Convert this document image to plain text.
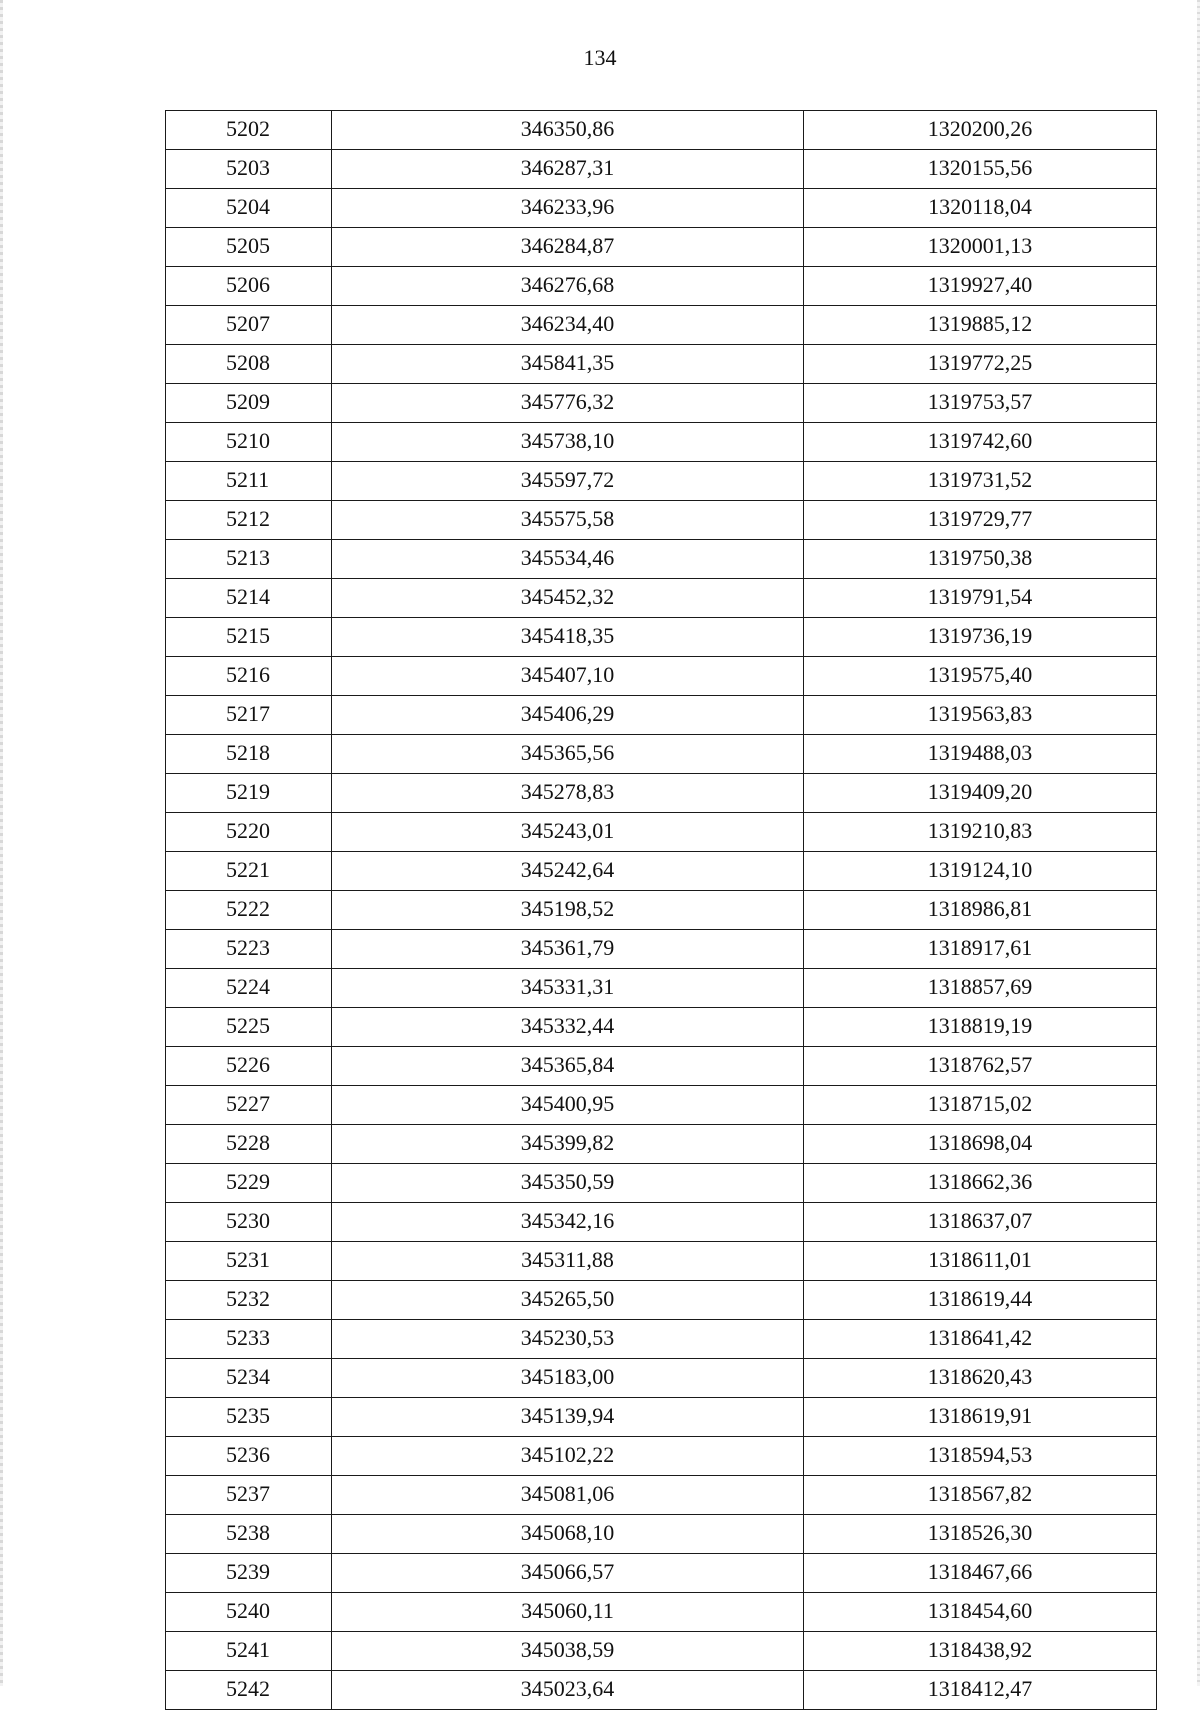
134
5202	346350,86	1320200,26
5203	346287,31	1320155,56
5204	346233,96	1320118,04
5205	346284,87	1320001,13
5206	346276,68	1319927,40
5207	346234,40	1319885,12
5208	345841,35	1319772,25
5209	345776,32	1319753,57
5210	345738,10	1319742,60
5211	345597,72	1319731,52
5212	345575,58	1319729,77
5213	345534,46	1319750,38
5214	345452,32	1319791,54
5215	345418,35	1319736,19
5216	345407,10	1319575,40
5217	345406,29	1319563,83
5218	345365,56	1319488,03
5219	345278,83	1319409,20
5220	345243,01	1319210,83
5221	345242,64	1319124,10
5222	345198,52	1318986,81
5223	345361,79	1318917,61
5224	345331,31	1318857,69
5225	345332,44	1318819,19
5226	345365,84	1318762,57
5227	345400,95	1318715,02
5228	345399,82	1318698,04
5229	345350,59	1318662,36
5230	345342,16	1318637,07
5231	345311,88	1318611,01
5232	345265,50	1318619,44
5233	345230,53	1318641,42
5234	345183,00	1318620,43
5235	345139,94	1318619,91
5236	345102,22	1318594,53
5237	345081,06	1318567,82
5238	345068,10	1318526,30
5239	345066,57	1318467,66
5240	345060,11	1318454,60
5241	345038,59	1318438,92
5242	345023,64	1318412,47
